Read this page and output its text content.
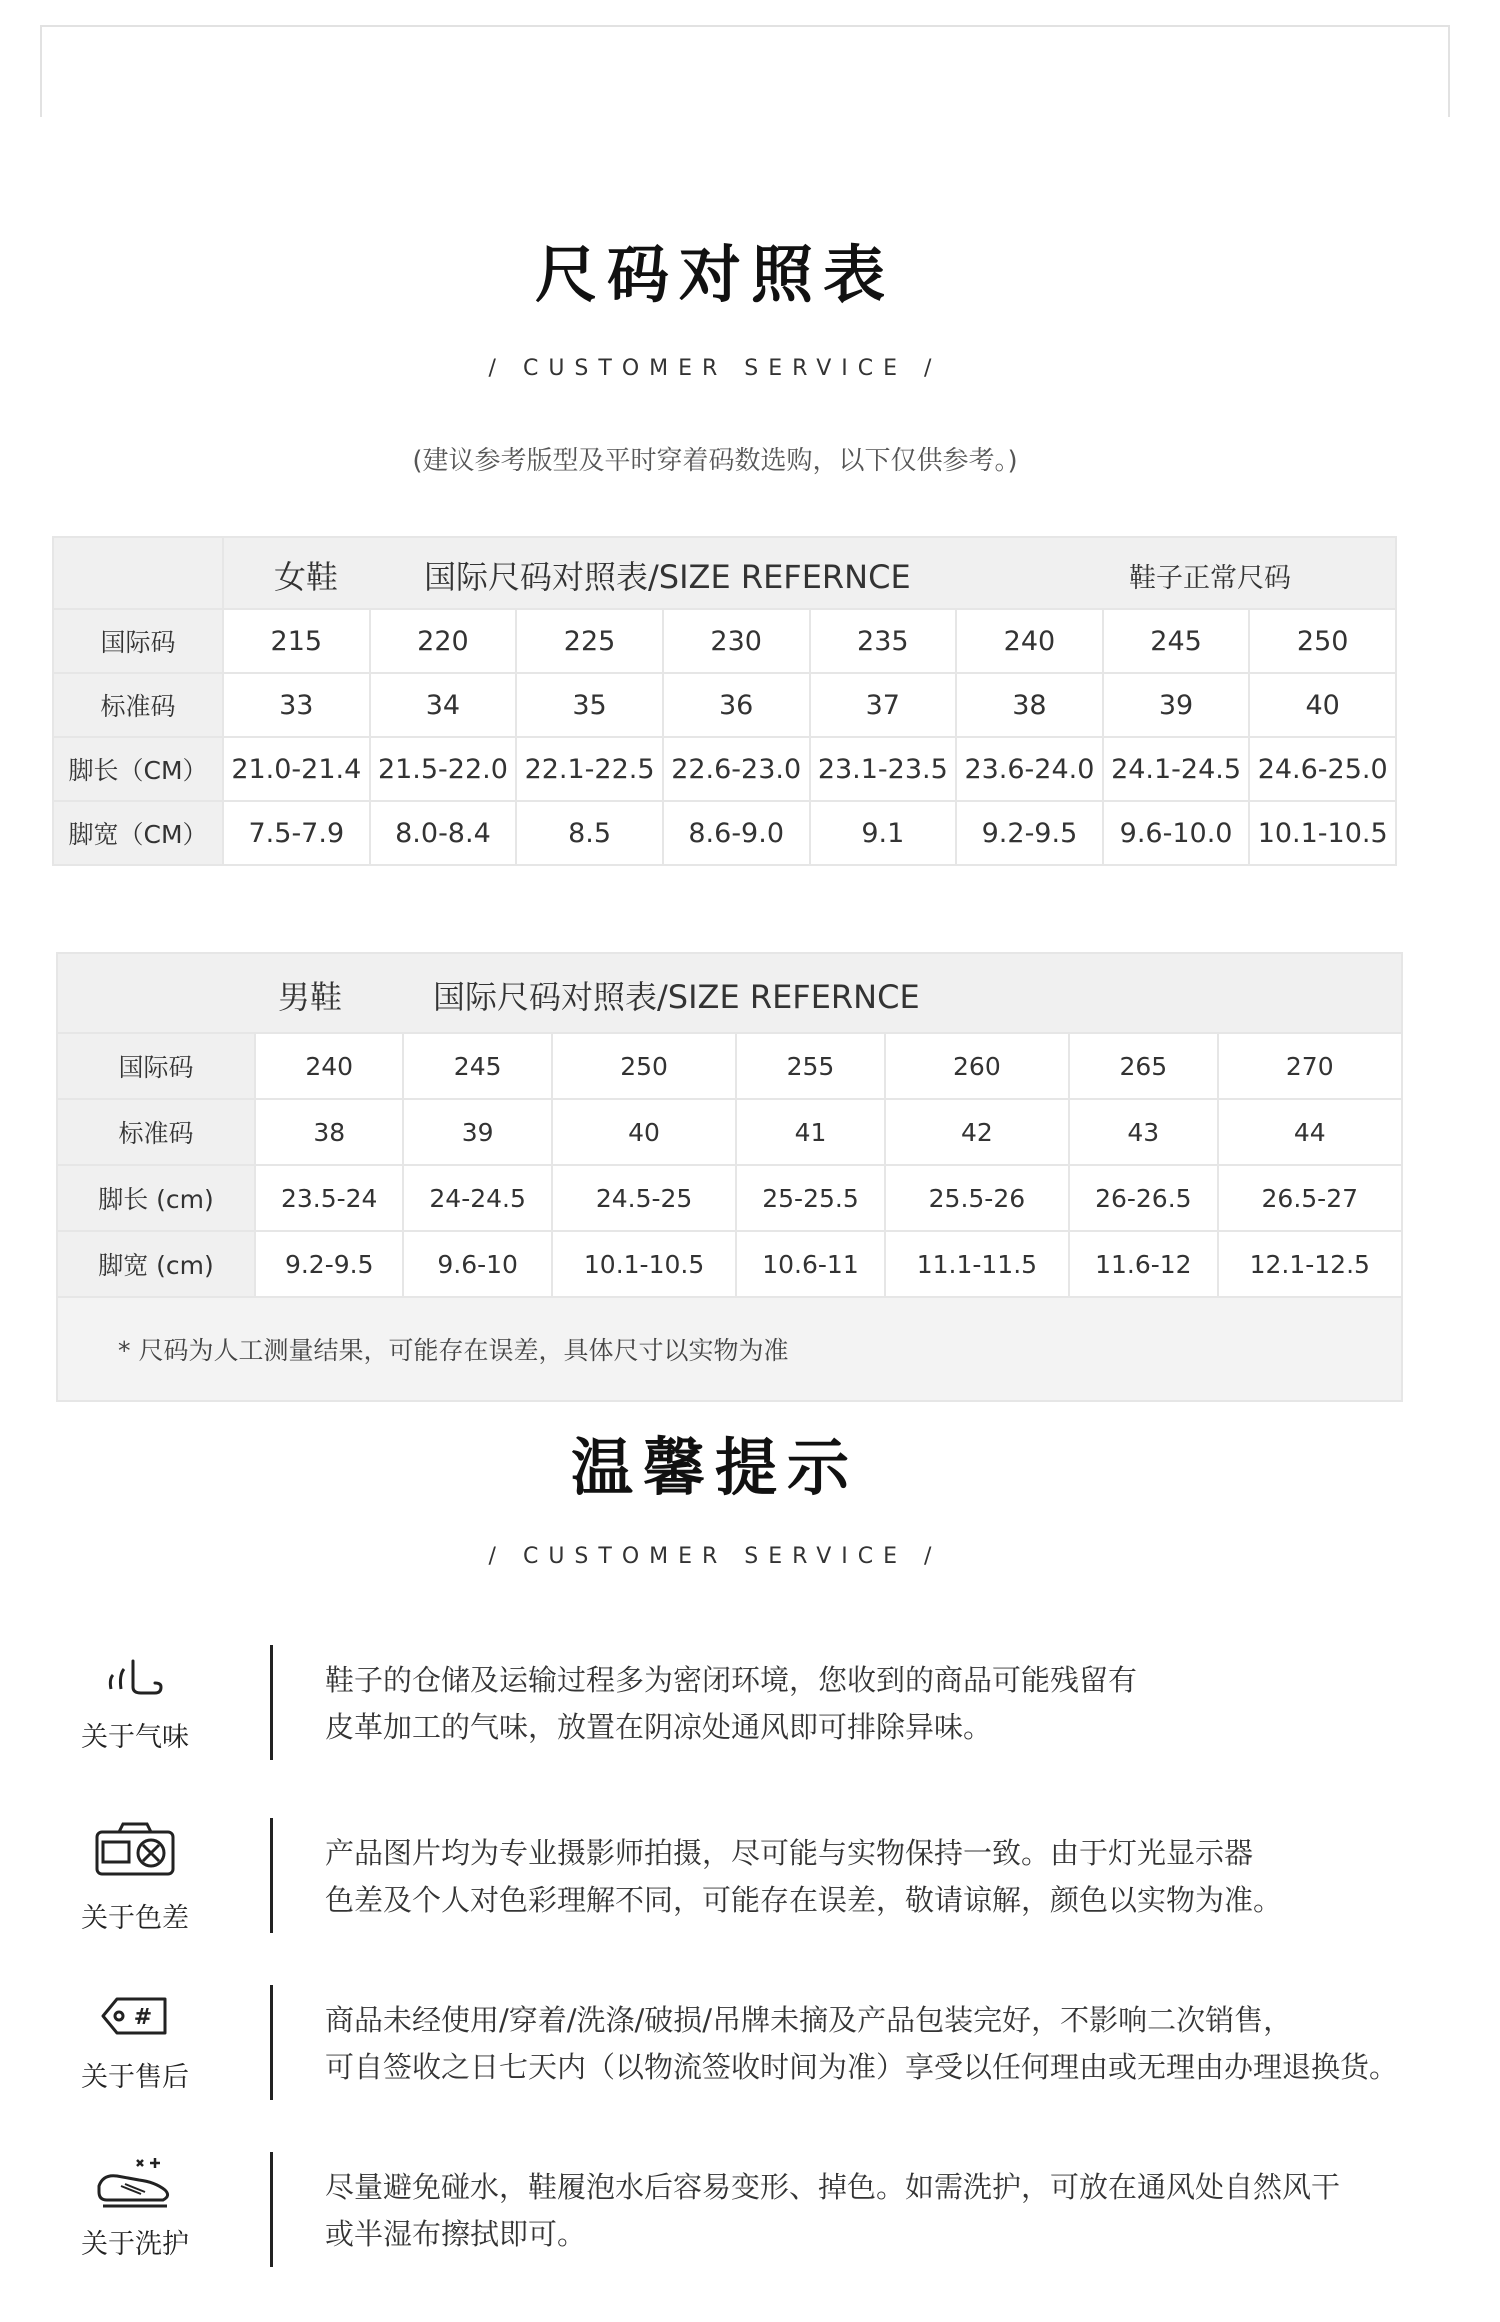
尺码对照表
/ CUSTOMER SERVICE /
(建议参考版型及平时穿着码数选购，以下仅供参考。)

	女鞋 国际尺码对照表/SIZE REFERNCE 鞋子正常尺码							

国际码	215	220	225	230	235	240	245	250
标准码	33	34	35	36	37	38	39	40
脚长（CM）	21.0-21.4	21.5-22.0	22.1-22.5	22.6-23.0	23.1-23.5	23.6-24.0	24.1-24.5	24.6-25.0
脚宽（CM）	7.5-7.9	8.0-8.4	8.5	8.6-9.0	9.1	9.2-9.5	9.6-10.0	10.1-10.5
男鞋 国际尺码对照表/SIZE REFERNCE							

国际码	240	245	250	255	260	265	270
标准码	38	39	40	41	42	43	44
脚长 (cm)	23.5-24	24-24.5	24.5-25	25-25.5	25.5-26	26-26.5	26.5-27
脚宽 (cm)	9.2-9.5	9.6-10	10.1-10.5	10.6-11	11.1-11.5	11.6-12	12.1-12.5
* 尺码为人工测量结果，可能存在误差，具体尺寸以实物为准							
温馨提示
/ CUSTOMER SERVICE /
关于气味
鞋子的仓储及运输过程多为密闭环境，您收到的商品可能残留有
皮革加工的气味，放置在阴凉处通风即可排除异味。
关于色差
产品图片均为专业摄影师拍摄，尽可能与实物保持一致。由于灯光显示器
色差及个人对色彩理解不同，可能存在误差，敬请谅解，颜色以实物为准。
#
关于售后
商品未经使用/穿着/洗涤/破损/吊牌未摘及产品包装完好，不影响二次销售，
可自签收之日七天内（以物流签收时间为准）享受以任何理由或无理由办理退换货。
关于洗护
尽量避免碰水，鞋履泡水后容易变形、掉色。如需洗护，可放在通风处自然风干
或半湿布擦拭即可。
